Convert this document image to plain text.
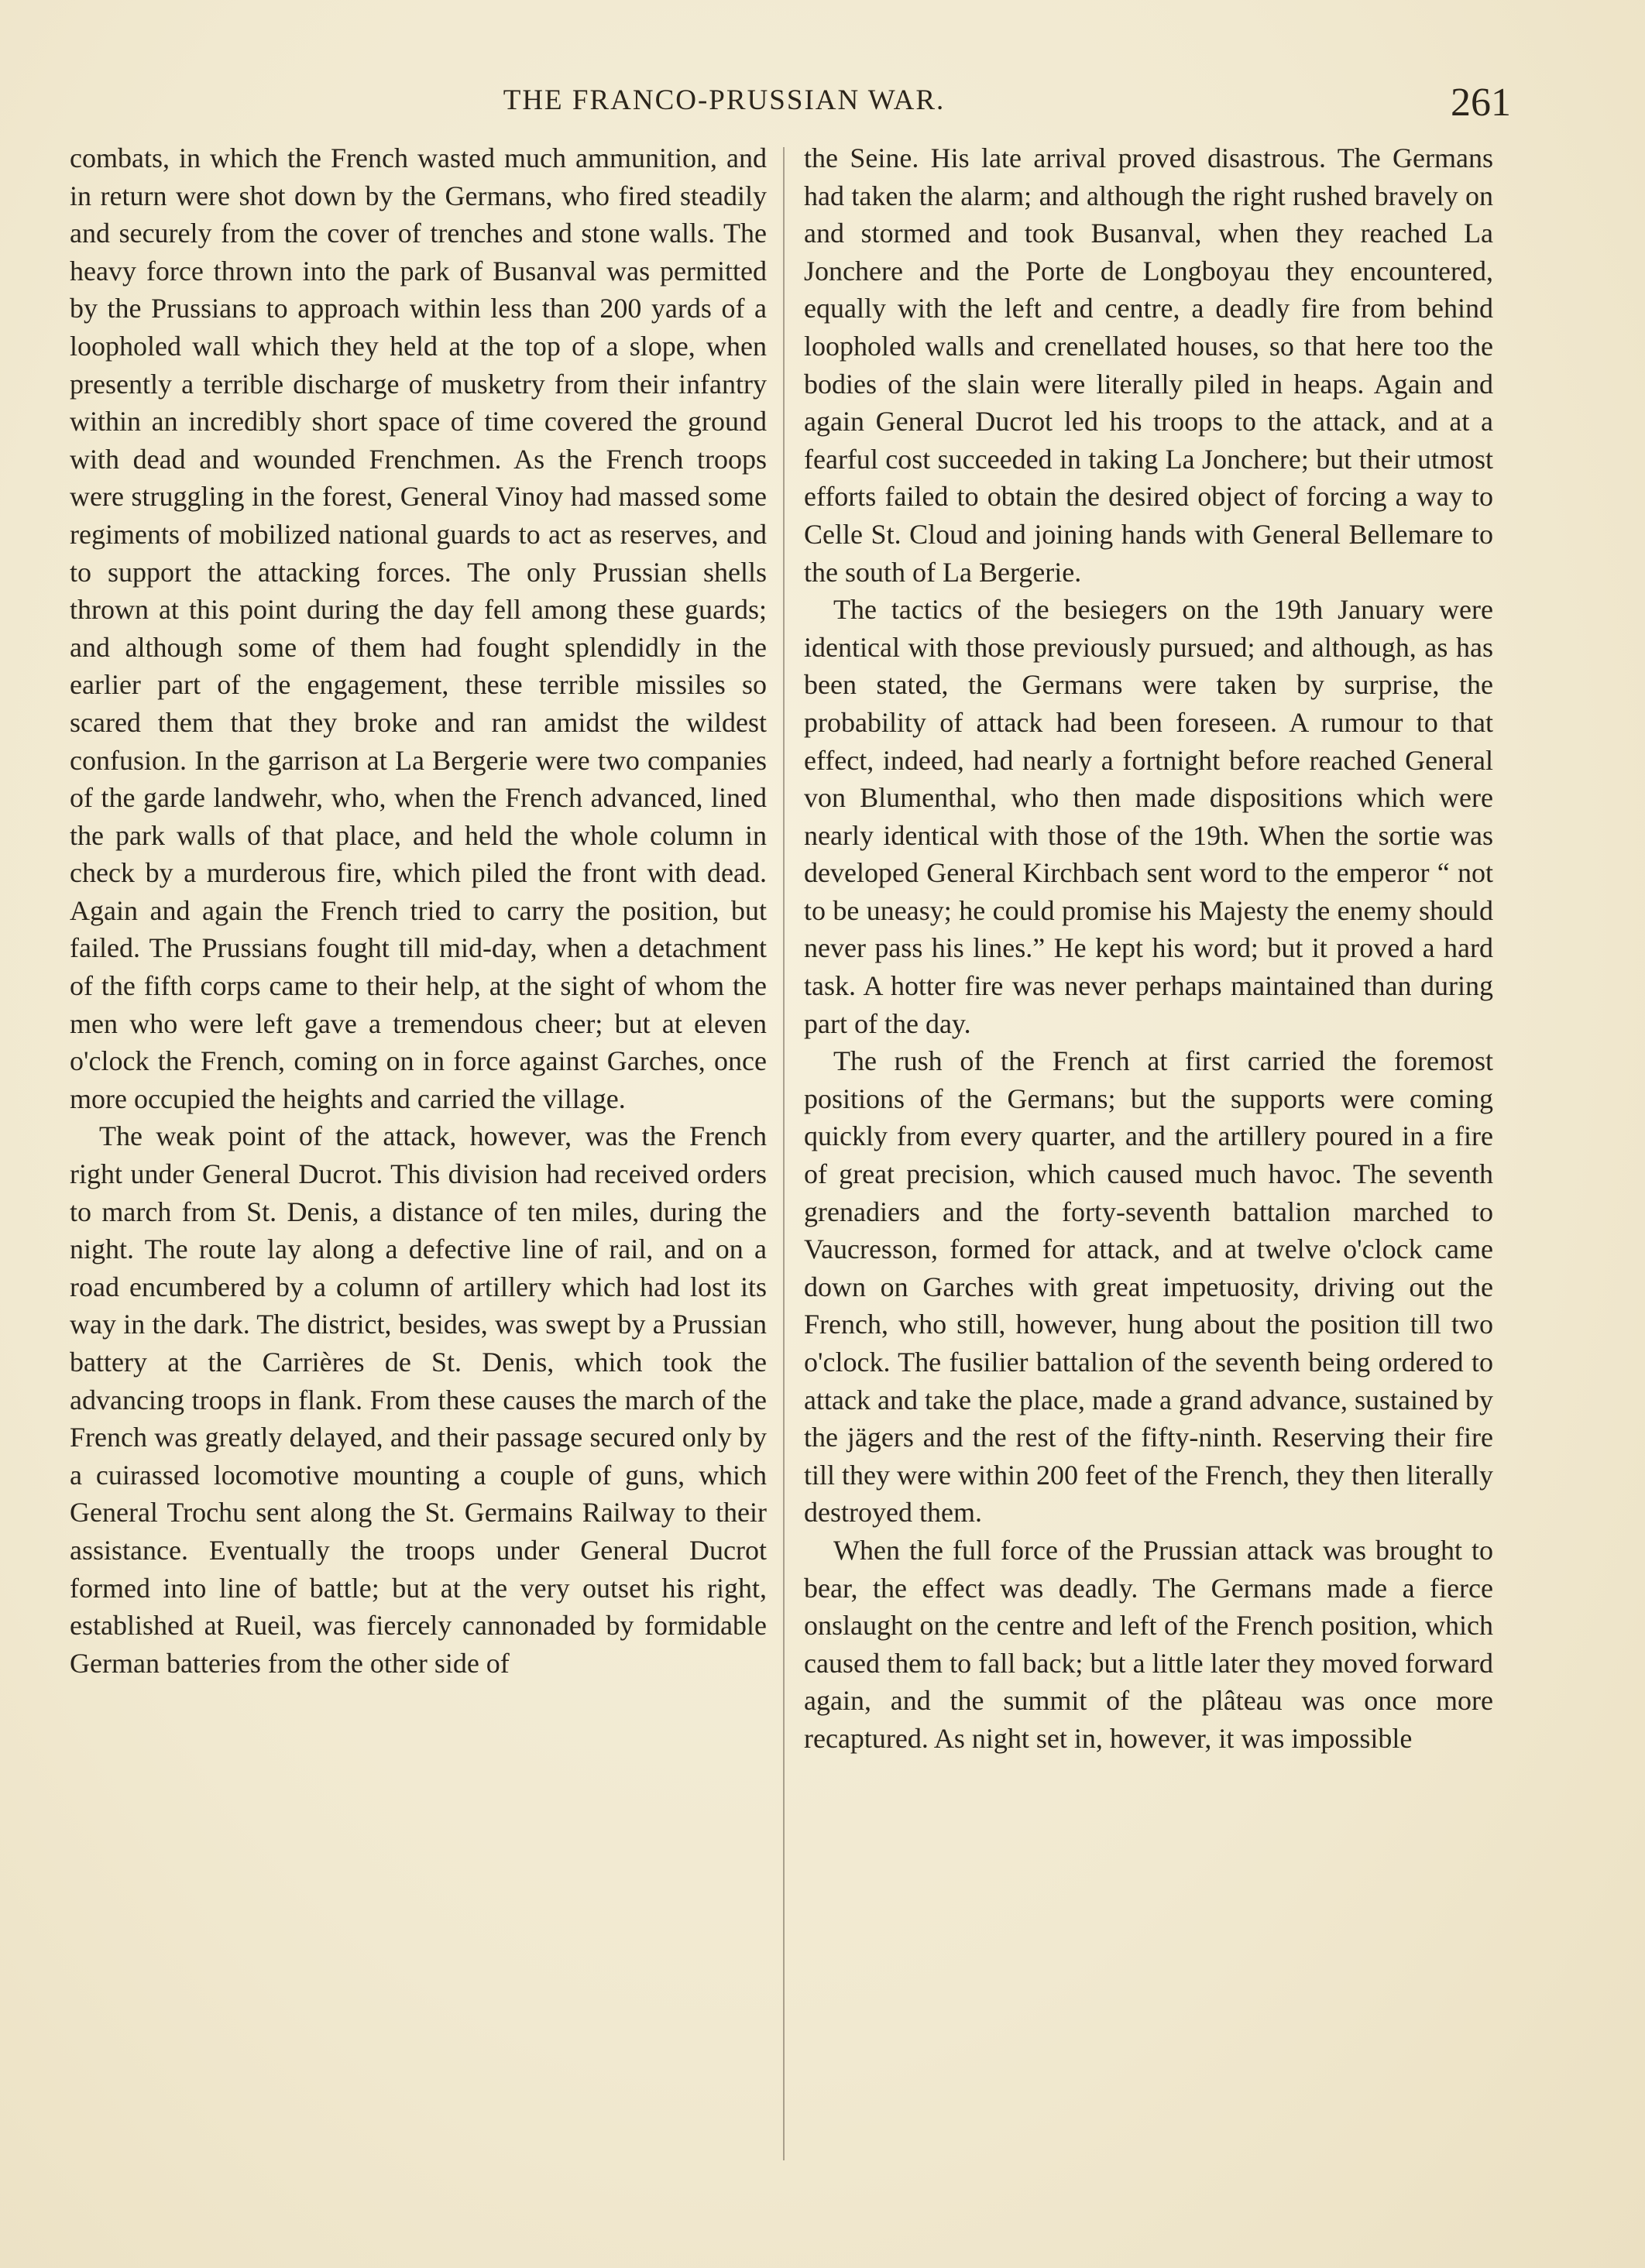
THE FRANCO-PRUSSIAN WAR.	261

combats, in which the French wasted much ammunition, and in return were shot down by the Germans, who fired steadily and securely from the cover of trenches and stone walls. The heavy force thrown into the park of Busanval was permitted by the Prussians to approach within less than 200 yards of a loopholed wall which they held at the top of a slope, when presently a terrible discharge of musketry from their infantry within an incredibly short space of time covered the ground with dead and wounded Frenchmen. As the French troops were struggling in the forest, General Vinoy had massed some regiments of mobilized national guards to act as reserves, and to support the attacking forces. The only Prussian shells thrown at this point during the day fell among these guards; and although some of them had fought splendidly in the earlier part of the engagement, these terrible missiles so scared them that they broke and ran amidst the wildest confusion. In the garrison at La Bergerie were two companies of the garde landwehr, who, when the French advanced, lined the park walls of that place, and held the whole column in check by a murderous fire, which piled the front with dead. Again and again the French tried to carry the position, but failed. The Prussians fought till mid-day, when a detachment of the fifth corps came to their help, at the sight of whom the men who were left gave a tremendous cheer; but at eleven o'clock the French, coming on in force against Garches, once more occupied the heights and carried the village.

The weak point of the attack, however, was the French right under General Ducrot. This division had received orders to march from St. Denis, a distance of ten miles, during the night. The route lay along a defective line of rail, and on a road encumbered by a column of artillery which had lost its way in the dark. The district, besides, was swept by a Prussian battery at the Carrières de St. Denis, which took the advancing troops in flank. From these causes the march of the French was greatly delayed, and their passage secured only by a cuirassed locomotive mounting a couple of guns, which General Trochu sent along the St. Germains Railway to their assistance. Eventually the troops under General Ducrot formed into line of battle; but at the very outset his right, established at Rueil, was fiercely cannonaded by formidable German batteries from the other side of

the Seine. His late arrival proved disastrous. The Germans had taken the alarm; and although the right rushed bravely on and stormed and took Busanval, when they reached La Jonchere and the Porte de Longboyau they encountered, equally with the left and centre, a deadly fire from behind loopholed walls and crenellated houses, so that here too the bodies of the slain were literally piled in heaps. Again and again General Ducrot led his troops to the attack, and at a fearful cost succeeded in taking La Jonchere; but their utmost efforts failed to obtain the desired object of forcing a way to Celle St. Cloud and joining hands with General Bellemare to the south of La Bergerie.

The tactics of the besiegers on the 19th January were identical with those previously pursued; and although, as has been stated, the Germans were taken by surprise, the probability of attack had been foreseen. A rumour to that effect, indeed, had nearly a fortnight before reached General von Blumenthal, who then made dispositions which were nearly identical with those of the 19th. When the sortie was developed General Kirchbach sent word to the emperor “ not to be uneasy; he could promise his Majesty the enemy should never pass his lines.” He kept his word; but it proved a hard task. A hotter fire was never perhaps maintained than during part of the day.

The rush of the French at first carried the foremost positions of the Germans; but the supports were coming quickly from every quarter, and the artillery poured in a fire of great precision, which caused much havoc. The seventh grenadiers and the forty-seventh battalion marched to Vaucresson, formed for attack, and at twelve o'clock came down on Garches with great impetuosity, driving out the French, who still, however, hung about the position till two o'clock. The fusilier battalion of the seventh being ordered to attack and take the place, made a grand advance, sustained by the jägers and the rest of the fifty-ninth. Reserving their fire till they were within 200 feet of the French, they then literally destroyed them.

When the full force of the Prussian attack was brought to bear, the effect was deadly. The Germans made a fierce onslaught on the centre and left of the French position, which caused them to fall back; but a little later they moved forward again, and the summit of the plâteau was once more recaptured. As night set in, however, it was impossible
